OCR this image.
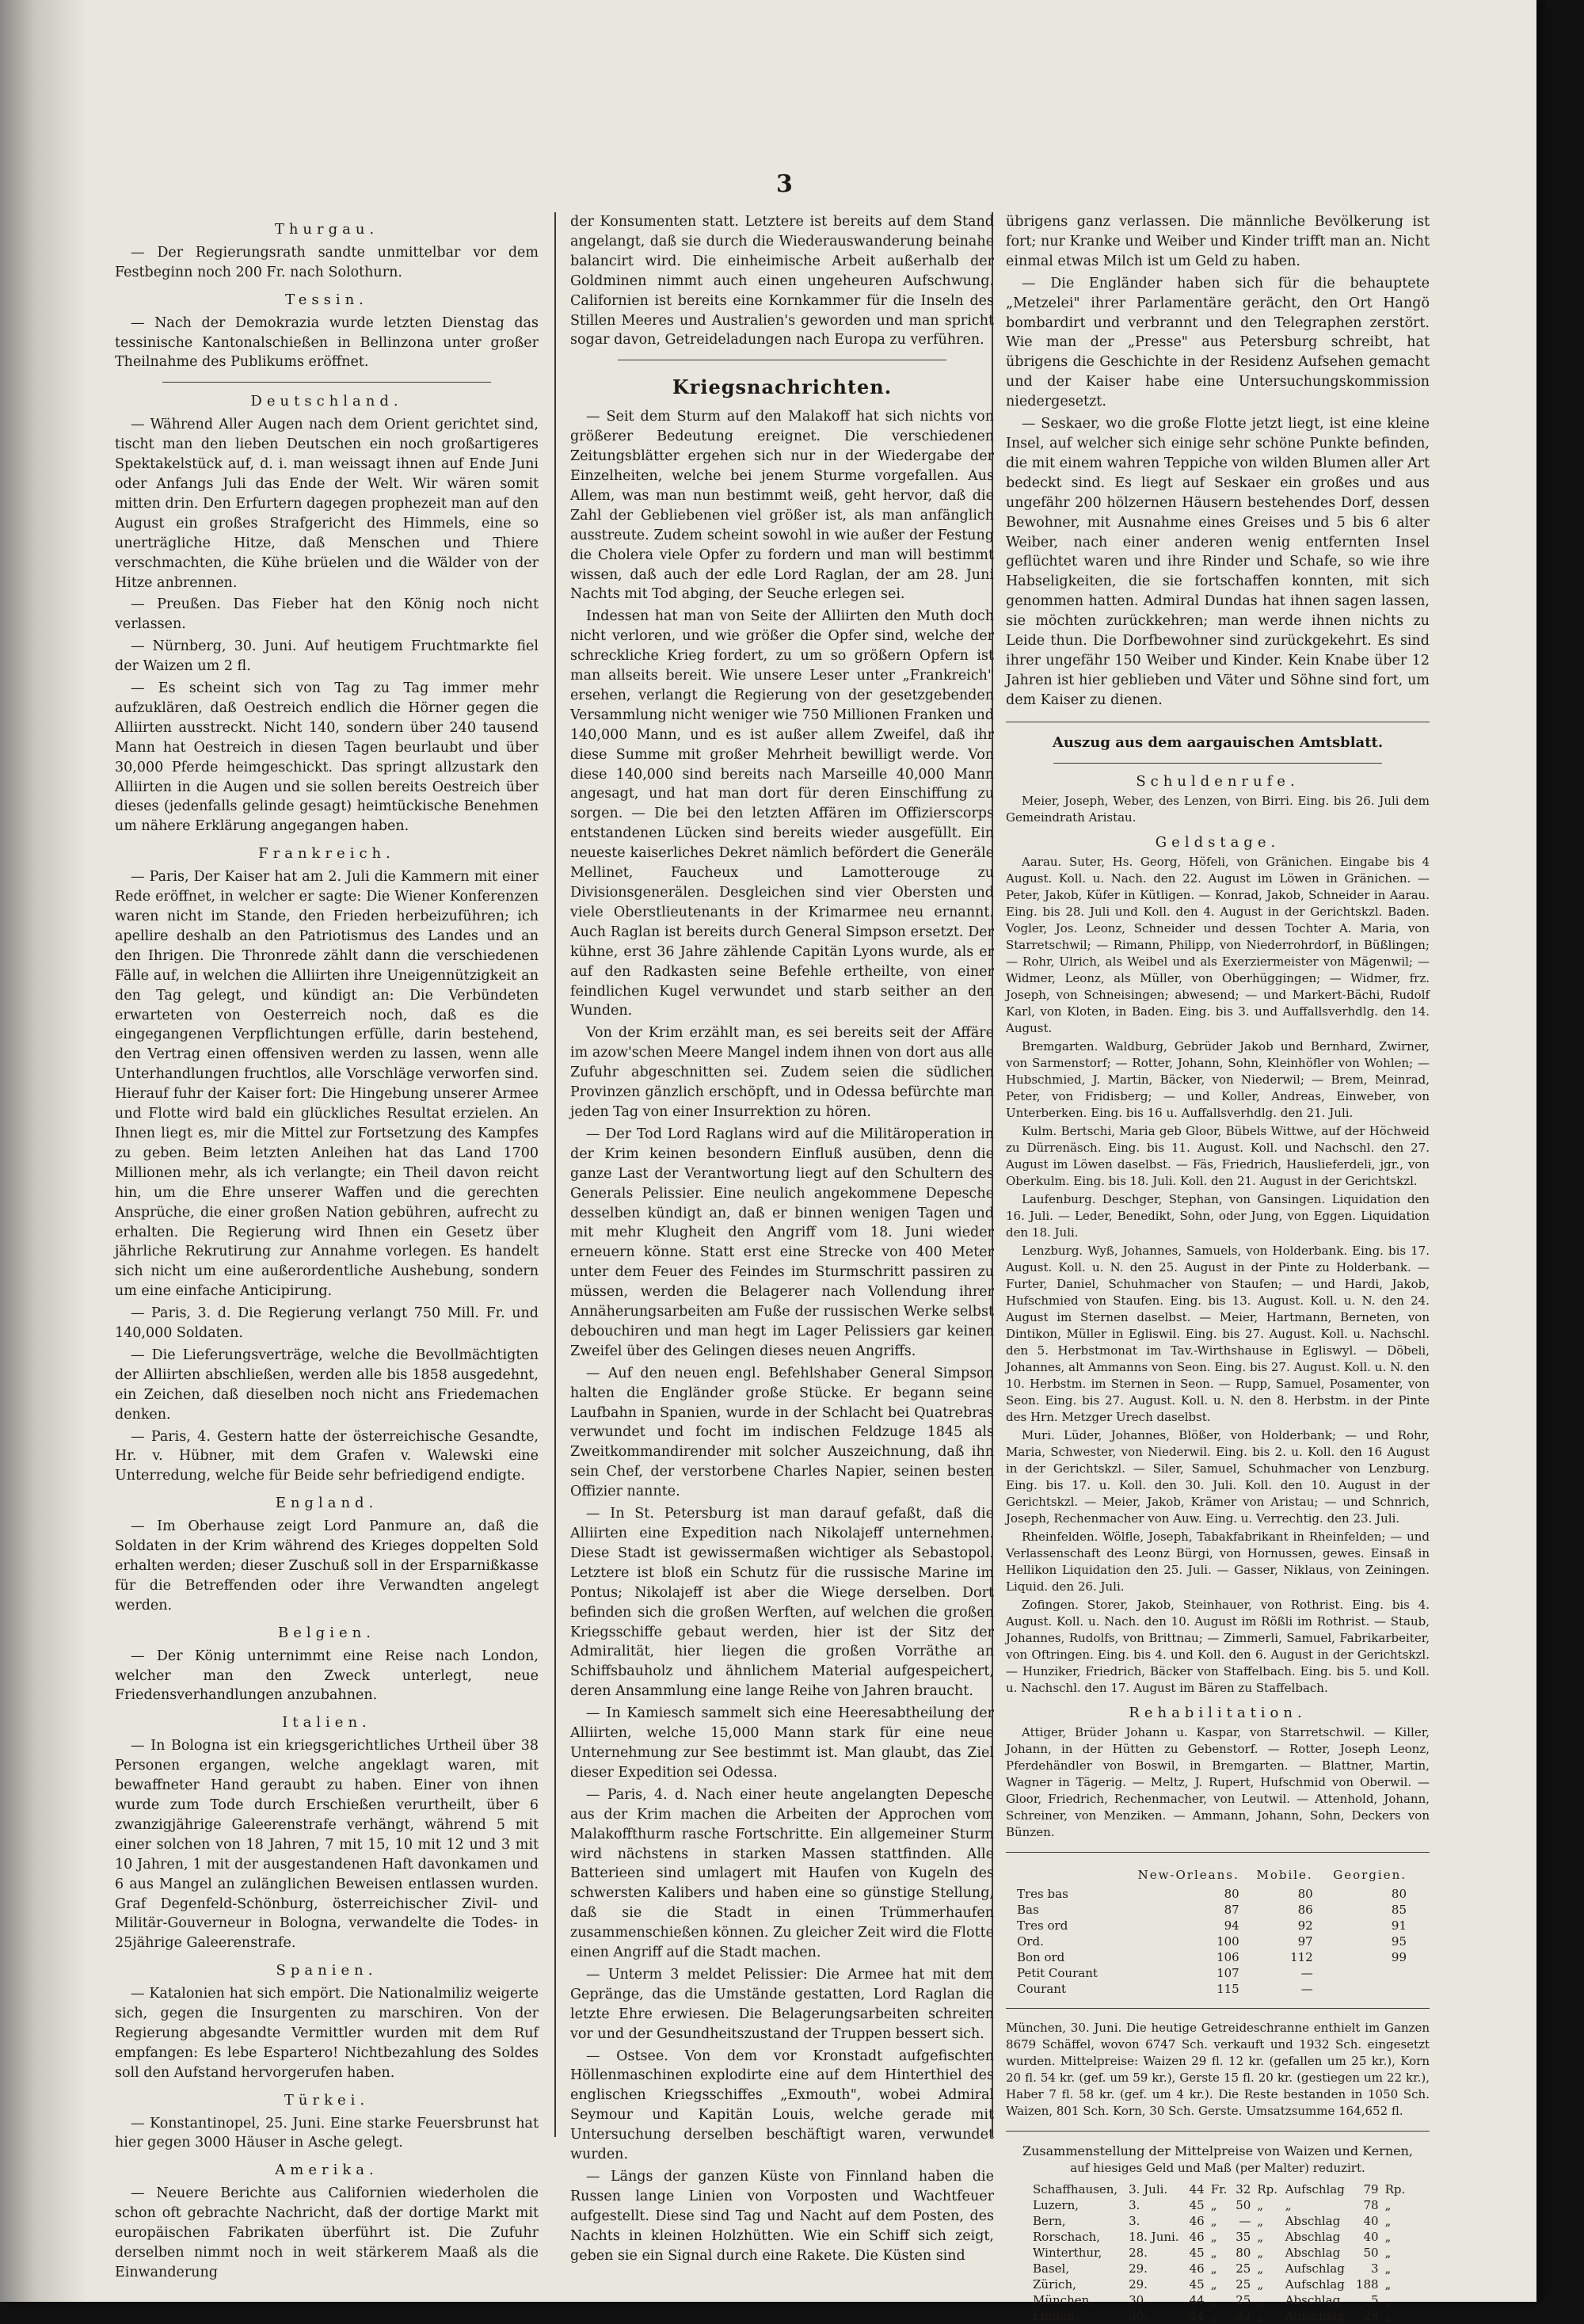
3
Thurgau.

— Der Regierungsrath sandte unmittelbar vor dem Festbeginn noch 200 Fr. nach Solothurn.

Tessin.

— Nach der Demokrazia wurde letzten Dienstag das tessinische Kantonalschießen in Bellinzona unter großer Theilnahme des Publikums eröffnet.

Deutschland.

— Während Aller Augen nach dem Orient gerichtet sind, tischt man den lieben Deutschen ein noch großartigeres Spektakelstück auf, d. i. man weissagt ihnen auf Ende Juni oder Anfangs Juli das Ende der Welt. Wir wären somit mitten drin. Den Erfurtern dagegen prophezeit man auf den August ein großes Strafgericht des Himmels, eine so unerträgliche Hitze, daß Menschen und Thiere verschmachten, die Kühe brüelen und die Wälder von der Hitze anbrennen.

— Preußen. Das Fieber hat den König noch nicht verlassen.

— Nürnberg, 30. Juni. Auf heutigem Fruchtmarkte fiel der Waizen um 2 fl.

— Es scheint sich von Tag zu Tag immer mehr aufzuklären, daß Oestreich endlich die Hörner gegen die Alliirten ausstreckt. Nicht 140, sondern über 240 tausend Mann hat Oestreich in diesen Tagen beurlaubt und über 30,000 Pferde heimgeschickt. Das springt allzustark den Alliirten in die Augen und sie sollen bereits Oestreich über dieses (jedenfalls gelinde gesagt) heimtückische Benehmen um nähere Erklärung angegangen haben.

Frankreich.

— Paris, Der Kaiser hat am 2. Juli die Kammern mit einer Rede eröffnet, in welcher er sagte: Die Wiener Konferenzen waren nicht im Stande, den Frieden herbeizuführen; ich apellire deshalb an den Patriotismus des Landes und an den Ihrigen. Die Thronrede zählt dann die verschiedenen Fälle auf, in welchen die Alliirten ihre Uneigennützigkeit an den Tag gelegt, und kündigt an: Die Verbündeten erwarteten von Oesterreich noch, daß es die eingegangenen Verpflichtungen erfülle, darin bestehend, den Vertrag einen offensiven werden zu lassen, wenn alle Unterhandlungen fruchtlos, alle Vorschläge verworfen sind. Hierauf fuhr der Kaiser fort: Die Hingebung unserer Armee und Flotte wird bald ein glückliches Resultat erzielen. An Ihnen liegt es, mir die Mittel zur Fortsetzung des Kampfes zu geben. Beim letzten Anleihen hat das Land 1700 Millionen mehr, als ich verlangte; ein Theil davon reicht hin, um die Ehre unserer Waffen und die gerechten Ansprüche, die einer großen Nation gebühren, aufrecht zu erhalten. Die Regierung wird Ihnen ein Gesetz über jährliche Rekrutirung zur Annahme vorlegen. Es handelt sich nicht um eine außerordentliche Aushebung, sondern um eine einfache Anticipirung.

— Paris, 3. d. Die Regierung verlangt 750 Mill. Fr. und 140,000 Soldaten.

— Die Lieferungsverträge, welche die Bevollmächtigten der Alliirten abschließen, werden alle bis 1858 ausgedehnt, ein Zeichen, daß dieselben noch nicht ans Friedemachen denken.

— Paris, 4. Gestern hatte der österreichische Gesandte, Hr. v. Hübner, mit dem Grafen v. Walewski eine Unterredung, welche für Beide sehr befriedigend endigte.

England.

— Im Oberhause zeigt Lord Panmure an, daß die Soldaten in der Krim während des Krieges doppelten Sold erhalten werden; dieser Zuschuß soll in der Ersparnißkasse für die Betreffenden oder ihre Verwandten angelegt werden.

Belgien.

— Der König unternimmt eine Reise nach London, welcher man den Zweck unterlegt, neue Friedensverhandlungen anzubahnen.

Italien.

— In Bologna ist ein kriegsgerichtliches Urtheil über 38 Personen ergangen, welche angeklagt waren, mit bewaffneter Hand geraubt zu haben. Einer von ihnen wurde zum Tode durch Erschießen verurtheilt, über 6 zwanzigjährige Galeerenstrafe verhängt, während 5 mit einer solchen von 18 Jahren, 7 mit 15, 10 mit 12 und 3 mit 10 Jahren, 1 mit der ausgestandenen Haft davonkamen und 6 aus Mangel an zulänglichen Beweisen entlassen wurden. Graf Degenfeld-Schönburg, österreichischer Zivil- und Militär-Gouverneur in Bologna, verwandelte die Todes- in 25jährige Galeerenstrafe.

Spanien.

— Katalonien hat sich empört. Die Nationalmiliz weigerte sich, gegen die Insurgenten zu marschiren. Von der Regierung abgesandte Vermittler wurden mit dem Ruf empfangen: Es lebe Espartero! Nichtbezahlung des Soldes soll den Aufstand hervorgerufen haben.

Türkei.

— Konstantinopel, 25. Juni. Eine starke Feuersbrunst hat hier gegen 3000 Häuser in Asche gelegt.

Amerika.

— Neuere Berichte aus Californien wiederholen die schon oft gebrachte Nachricht, daß der dortige Markt mit europäischen Fabrikaten überführt ist. Die Zufuhr derselben nimmt noch in weit stärkerem Maaß als die Einwanderung

der Konsumenten statt. Letztere ist bereits auf dem Stand angelangt, daß sie durch die Wiederauswanderung beinahe balancirt wird. Die einheimische Arbeit außerhalb der Goldminen nimmt auch einen ungeheuren Aufschwung. Californien ist bereits eine Kornkammer für die Inseln des Stillen Meeres und Australien's geworden und man spricht sogar davon, Getreideladungen nach Europa zu verführen.

Kriegsnachrichten.

— Seit dem Sturm auf den Malakoff hat sich nichts von größerer Bedeutung ereignet. Die verschiedenen Zeitungsblätter ergehen sich nur in der Wiedergabe der Einzelheiten, welche bei jenem Sturme vorgefallen. Aus Allem, was man nun bestimmt weiß, geht hervor, daß die Zahl der Gebliebenen viel größer ist, als man anfänglich ausstreute. Zudem scheint sowohl in wie außer der Festung die Cholera viele Opfer zu fordern und man will bestimmt wissen, daß auch der edle Lord Raglan, der am 28. Juni Nachts mit Tod abging, der Seuche erlegen sei.

Indessen hat man von Seite der Alliirten den Muth doch nicht verloren, und wie größer die Opfer sind, welche der schreckliche Krieg fordert, zu um so größern Opfern ist man allseits bereit. Wie unsere Leser unter „Frankreich" ersehen, verlangt die Regierung von der gesetzgebenden Versammlung nicht weniger wie 750 Millionen Franken und 140,000 Mann, und es ist außer allem Zweifel, daß ihr diese Summe mit großer Mehrheit bewilligt werde. Von diese 140,000 sind bereits nach Marseille 40,000 Mann angesagt, und hat man dort für deren Einschiffung zu sorgen. — Die bei den letzten Affären im Offizierscorps entstandenen Lücken sind bereits wieder ausgefüllt. Ein neueste kaiserliches Dekret nämlich befördert die Generäle Mellinet, Faucheux und Lamotterouge zu Divisionsgenerälen. Desgleichen sind vier Obersten und viele Oberstlieutenants in der Krimarmee neu ernannt. Auch Raglan ist bereits durch General Simpson ersetzt. Der kühne, erst 36 Jahre zählende Capitän Lyons wurde, als er auf den Radkasten seine Befehle ertheilte, von einer feindlichen Kugel verwundet und starb seither an den Wunden.

Von der Krim erzählt man, es sei bereits seit der Affäre im azow'schen Meere Mangel indem ihnen von dort aus alle Zufuhr abgeschnitten sei. Zudem seien die südlichen Provinzen gänzlich erschöpft, und in Odessa befürchte man jeden Tag von einer Insurrektion zu hören.

— Der Tod Lord Raglans wird auf die Militäroperation in der Krim keinen besondern Einfluß ausüben, denn die ganze Last der Verantwortung liegt auf den Schultern des Generals Pelissier. Eine neulich angekommene Depesche desselben kündigt an, daß er binnen wenigen Tagen und mit mehr Klugheit den Angriff vom 18. Juni wieder erneuern könne. Statt erst eine Strecke von 400 Meter unter dem Feuer des Feindes im Sturmschritt passiren zu müssen, werden die Belagerer nach Vollendung ihrer Annäherungsarbeiten am Fuße der russischen Werke selbst debouchiren und man hegt im Lager Pelissiers gar keinen Zweifel über des Gelingen dieses neuen Angriffs.

— Auf den neuen engl. Befehlshaber General Simpson halten die Engländer große Stücke. Er begann seine Laufbahn in Spanien, wurde in der Schlacht bei Quatrebras verwundet und focht im indischen Feldzuge 1845 als Zweitkommandirender mit solcher Auszeichnung, daß ihn sein Chef, der verstorbene Charles Napier, seinen besten Offizier nannte.

— In St. Petersburg ist man darauf gefaßt, daß die Alliirten eine Expedition nach Nikolajeff unternehmen. Diese Stadt ist gewissermaßen wichtiger als Sebastopol. Letztere ist bloß ein Schutz für die russische Marine im Pontus; Nikolajeff ist aber die Wiege derselben. Dort befinden sich die großen Werften, auf welchen die großen Kriegsschiffe gebaut werden, hier ist der Sitz der Admiralität, hier liegen die großen Vorräthe an Schiffsbauholz und ähnlichem Material aufgespeichert, deren Ansammlung eine lange Reihe von Jahren braucht.

— In Kamiesch sammelt sich eine Heeresabtheilung der Alliirten, welche 15,000 Mann stark für eine neue Unternehmung zur See bestimmt ist. Man glaubt, das Ziel dieser Expedition sei Odessa.

— Paris, 4. d. Nach einer heute angelangten Depesche aus der Krim machen die Arbeiten der Approchen vom Malakoffthurm rasche Fortschritte. Ein allgemeiner Sturm wird nächstens in starken Massen stattfinden. Alle Batterieen sind umlagert mit Haufen von Kugeln des schwersten Kalibers und haben eine so günstige Stellung, daß sie die Stadt in einen Trümmerhaufen zusammenschießen können. Zu gleicher Zeit wird die Flotte einen Angriff auf die Stadt machen.

— Unterm 3 meldet Pelissier: Die Armee hat mit dem Gepränge, das die Umstände gestatten, Lord Raglan die letzte Ehre erwiesen. Die Belagerungsarbeiten schreiten vor und der Gesundheitszustand der Truppen bessert sich.

— Ostsee. Von dem vor Kronstadt aufgefischten Höllenmaschinen explodirte eine auf dem Hinterthiel des englischen Kriegsschiffes „Exmouth", wobei Admiral Seymour und Kapitän Louis, welche gerade mit Untersuchung derselben beschäftigt waren, verwundet wurden.

— Längs der ganzen Küste von Finnland haben die Russen lange Linien von Vorposten und Wachtfeuer aufgestellt. Diese sind Tag und Nacht auf dem Posten, des Nachts in kleinen Holzhütten. Wie ein Schiff sich zeigt, geben sie ein Signal durch eine Rakete. Die Küsten sind

übrigens ganz verlassen. Die männliche Bevölkerung ist fort; nur Kranke und Weiber und Kinder trifft man an. Nicht einmal etwas Milch ist um Geld zu haben.

— Die Engländer haben sich für die behauptete „Metzelei" ihrer Parlamentäre gerächt, den Ort Hangö bombardirt und verbrannt und den Telegraphen zerstört. Wie man der „Presse" aus Petersburg schreibt, hat übrigens die Geschichte in der Residenz Aufsehen gemacht und der Kaiser habe eine Untersuchungskommission niedergesetzt.

— Seskaer, wo die große Flotte jetzt liegt, ist eine kleine Insel, auf welcher sich einige sehr schöne Punkte befinden, die mit einem wahren Teppiche von wilden Blumen aller Art bedeckt sind. Es liegt auf Seskaer ein großes und aus ungefähr 200 hölzernen Häusern bestehendes Dorf, dessen Bewohner, mit Ausnahme eines Greises und 5 bis 6 alter Weiber, nach einer anderen wenig entfernten Insel geflüchtet waren und ihre Rinder und Schafe, so wie ihre Habseligkeiten, die sie fortschaffen konnten, mit sich genommen hatten. Admiral Dundas hat ihnen sagen lassen, sie möchten zurückkehren; man werde ihnen nichts zu Leide thun. Die Dorfbewohner sind zurückgekehrt. Es sind ihrer ungefähr 150 Weiber und Kinder. Kein Knabe über 12 Jahren ist hier geblieben und Väter und Söhne sind fort, um dem Kaiser zu dienen.

Auszug aus dem aargauischen Amtsblatt.
Schuldenrufe.

Meier, Joseph, Weber, des Lenzen, von Birri. Eing. bis 26. Juli dem Gemeindrath Aristau.

Geldstage.

Aarau. Suter, Hs. Georg, Höfeli, von Gränichen. Eingabe bis 4 August. Koll. u. Nach. den 22. August im Löwen in Gränichen. — Peter, Jakob, Küfer in Kütligen. — Konrad, Jakob, Schneider in Aarau. Eing. bis 28. Juli und Koll. den 4. August in der Gerichtskzl. Baden. Vogler, Jos. Leonz, Schneider und dessen Tochter A. Maria, von Starretschwil; — Rimann, Philipp, von Niederrohrdorf, in Büßlingen; — Rohr, Ulrich, als Weibel und als Exerziermeister von Mägenwil; — Widmer, Leonz, als Müller, von Oberhüggingen; — Widmer, frz. Joseph, von Schneisingen; abwesend; — und Markert-Bächi, Rudolf Karl, von Kloten, in Baden. Eing. bis 3. und Auffallsverhdlg. den 14. August.

Bremgarten. Waldburg, Gebrüder Jakob und Bernhard, Zwirner, von Sarmenstorf; — Rotter, Johann, Sohn, Kleinhöfler von Wohlen; — Hubschmied, J. Martin, Bäcker, von Niederwil; — Brem, Meinrad, Peter, von Fridisberg; — und Koller, Andreas, Einweber, von Unterberken. Eing. bis 16 u. Auffallsverhdlg. den 21. Juli.

Kulm. Bertschi, Maria geb Gloor, Bübels Wittwe, auf der Höchweid zu Dürrenäsch. Eing. bis 11. August. Koll. und Nachschl. den 27. August im Löwen daselbst. — Fäs, Friedrich, Hauslieferdeli, jgr., von Oberkulm. Eing. bis 18. Juli. Koll. den 21. August in der Gerichtskzl.

Laufenburg. Deschger, Stephan, von Gansingen. Liquidation den 16. Juli. — Leder, Benedikt, Sohn, oder Jung, von Eggen. Liquidation den 18. Juli.

Lenzburg. Wyß, Johannes, Samuels, von Holderbank. Eing. bis 17. August. Koll. u. N. den 25. August in der Pinte zu Holderbank. — Furter, Daniel, Schuhmacher von Staufen; — und Hardi, Jakob, Hufschmied von Staufen. Eing. bis 13. August. Koll. u. N. den 24. August im Sternen daselbst. — Meier, Hartmann, Berneten, von Dintikon, Müller in Egliswil. Eing. bis 27. August. Koll. u. Nachschl. den 5. Herbstmonat im Tav.-Wirthshause in Egliswyl. — Döbeli, Johannes, alt Ammanns von Seon. Eing. bis 27. August. Koll. u. N. den 10. Herbstm. im Sternen in Seon. — Rupp, Samuel, Posamenter, von Seon. Eing. bis 27. August. Koll. u. N. den 8. Herbstm. in der Pinte des Hrn. Metzger Urech daselbst.

Muri. Lüder, Johannes, Blößer, von Holderbank; — und Rohr, Maria, Schwester, von Niederwil. Eing. bis 2. u. Koll. den 16 August in der Gerichtskzl. — Siler, Samuel, Schuhmacher von Lenzburg. Eing. bis 17. u. Koll. den 30. Juli. Koll. den 10. August in der Gerichtskzl. — Meier, Jakob, Krämer von Aristau; — und Schnrich, Joseph, Rechenmacher von Auw. Eing. u. Verrechtig. den 23. Juli.

Rheinfelden. Wölfle, Joseph, Tabakfabrikant in Rheinfelden; — und Verlassenschaft des Leonz Bürgi, von Hornussen, gewes. Einsaß in Hellikon Liquidation den 25. Juli. — Gasser, Niklaus, von Zeiningen. Liquid. den 26. Juli.

Zofingen. Storer, Jakob, Steinhauer, von Rothrist. Eing. bis 4. August. Koll. u. Nach. den 10. August im Rößli im Rothrist. — Staub, Johannes, Rudolfs, von Brittnau; — Zimmerli, Samuel, Fabrikarbeiter, von Oftringen. Eing. bis 4. und Koll. den 6. August in der Gerichtskzl. — Hunziker, Friedrich, Bäcker von Staffelbach. Eing. bis 5. und Koll. u. Nachschl. den 17. August im Bären zu Staffelbach.

Rehabilitation.

Attiger, Brüder Johann u. Kaspar, von Starretschwil. — Killer, Johann, in der Hütten zu Gebenstorf. — Rotter, Joseph Leonz, Pferdehändler von Boswil, in Bremgarten. — Blattner, Martin, Wagner in Tägerig. — Meltz, J. Rupert, Hufschmid von Oberwil. — Gloor, Friedrich, Rechenmacher, von Leutwil. — Attenhold, Johann, Schreiner, von Menziken. — Ammann, Johann, Sohn, Deckers von Bünzen.

	New-Orleans.	Mobile.	Georgien.
Tres bas	80	80	80
Bas	87	86	85
Tres ord	94	92	91
Ord.	100	97	95
Bon ord	106	112	99
Petit Courant	107	—	
Courant	115	—	
München, 30. Juni. Die heutige Getreideschranne enthielt im Ganzen 8679 Schäffel, wovon 6747 Sch. verkauft und 1932 Sch. eingesetzt wurden. Mittelpreise: Waizen 29 fl. 12 kr. (gefallen um 25 kr.), Korn 20 fl. 54 kr. (gef. um 59 kr.), Gerste 15 fl. 20 kr. (gestiegen um 22 kr.), Haber 7 fl. 58 kr. (gef. um 4 kr.). Die Reste bestanden in 1050 Sch. Waizen, 801 Sch. Korn, 30 Sch. Gerste. Umsatzsumme 164,652 fl.
Zusammenstellung der Mittelpreise von Waizen und Kernen,
auf hiesiges Geld und Maß (per Malter) reduzirt.
Schaffhausen,	3. Juli.	44	Fr.	32	Rp.	Aufschlag	79	Rp.
Luzern,	3.	45	„	50	„	„	78	„
Bern,	3.	46	„	—	„	Abschlag	40	„
Rorschach,	18. Juni.	46	„	35	„	Abschlag	40	„
Winterthur,	28.	45	„	80	„	Abschlag	50	„
Basel,	29.	46	„	25	„	Aufschlag	3	„
Zürich,	29.	45	„	25	„	Aufschlag	188	„
München,	30.	44	„	25	„	Abschlag	5	„
Lindau,	30.	44	„	32	„	Aufschlag	29	„
